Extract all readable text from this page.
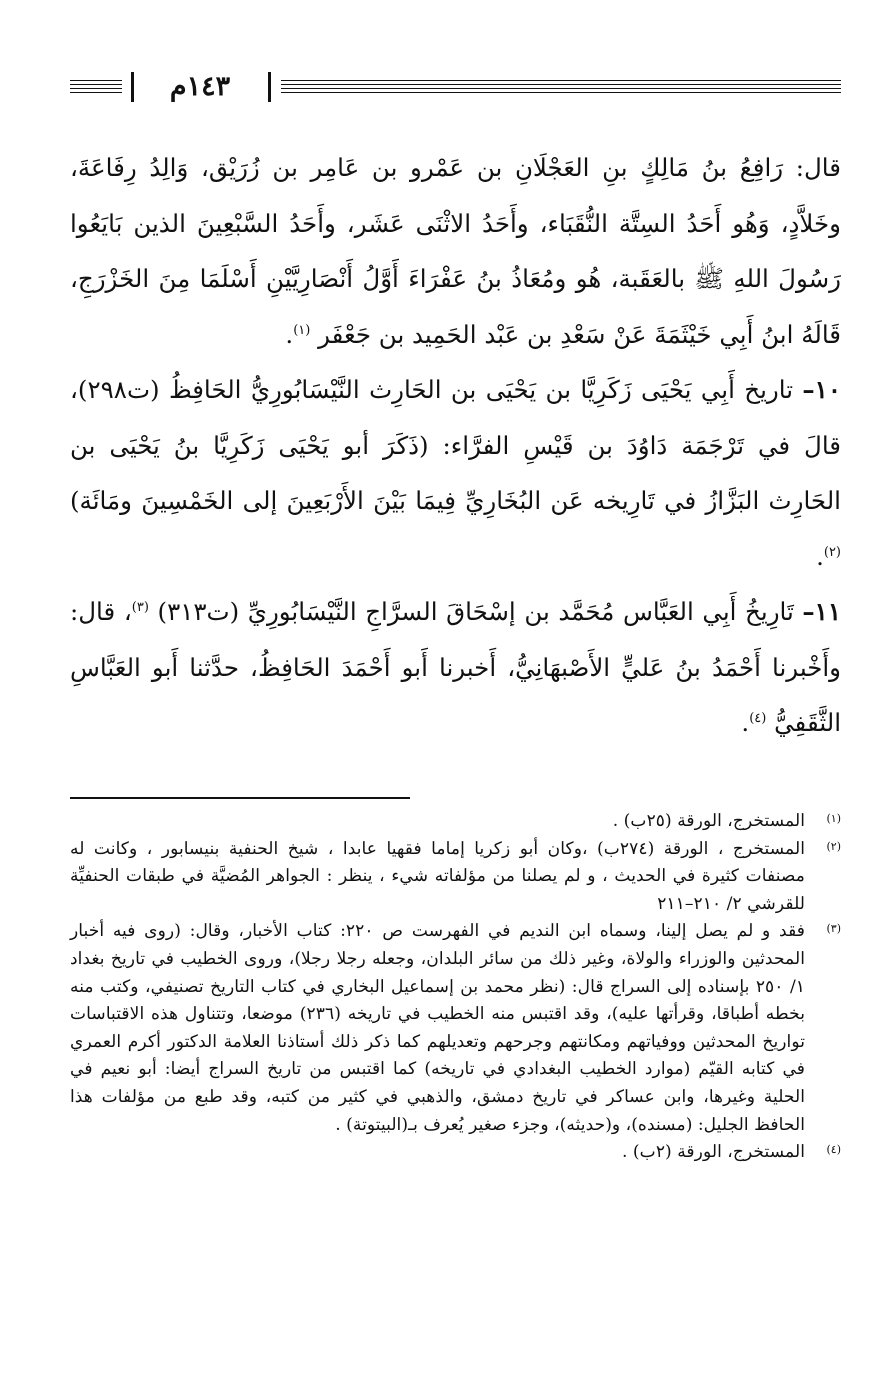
١٤٣م

قال: رَافِعُ بنُ مَالِكٍ بنِ العَجْلَانِ بن عَمْرو بن عَامِر بن زُرَيْق، وَالِدُ رِفَاعَةَ، وخَلاَّدٍ، وَهُو أَحَدُ السِتَّة النُّقَبَاء، وأَحَدُ الاثْنَى عَشَر، وأَحَدُ السَّبْعِينَ الذين بَايَعُوا رَسُولَ اللهِ ﷺ بالعَقَبة، هُو ومُعَاذُ بنُ عَفْرَاءَ أَوَّلُ أَنْصَارِيَّيْنِ أَسْلَمَا مِنَ الخَزْرَجِ، قَالَهُ ابنُ أَبِي خَيْثَمَةَ عَنْ سَعْدِ بن عَبْد الحَمِيد بن جَعْفَر $^{(١)}$.

١٠– تاريخ أَبِي يَحْيَى زَكَرِيَّا بن يَحْيَى بن الحَارِث النَّيْسَابُورِيُّ الحَافِظُ (ت٢٩٨)، قالَ في تَرْجَمَة دَاوُدَ بن قَيْسِ الفرَّاء: (ذَكَرَ أبو يَحْيَى زَكَرِيَّا بنُ يَحْيَى بن الحَارِث البَزَّازُ في تَارِيخه عَن البُخَارِيِّ فِيمَا بَيْنَ الأَرْبَعِينَ إلى الخَمْسِينَ ومَائَة) $^{(٢)}$.

١١– تَارِيخُ أَبِي العَبَّاس مُحَمَّد بن إسْحَاقَ السرَّاجِ النَّيْسَابُورِيِّ (ت٣١٣) $^{(٣)}$، قال: وأَخْبرنا أَحْمَدُ بنُ عَليٍّ الأَصْبهَانِيُّ، أَخبرنا أَبو أَحْمَدَ الحَافِظُ، حدَّثنا أَبو العَبَّاسِ الثَّقَفِيُّ $^{(٤)}$.

(١)
المستخرج، الورقة (٢٥ب) .

(٢)
المستخرج ، الورقة (٢٧٤ب) ،وكان أبو زكريا إماما فقهيا عابدا ، شيخ الحنفية بنيسابور ، وكانت له مصنفات كثيرة في الحديث ، و لم يصلنا من مؤلفاته شيء ، ينظر : الجواهر المُضيَّة في طبقات الحنفيِّة للقرشي ٢/ ٢١٠–٢١١

(٣)
فقد و لم يصل إلينا، وسماه ابن النديم في الفهرست ص ٢٢٠: كتاب الأخبار، وقال: (روى فيه أخبار المحدثين والوزراء والولاة، وغير ذلك من سائر البلدان، وجعله رجلا رجلا)، وروى الخطيب في تاريخ بغداد ١/ ٢٥٠ بإسناده إلى السراج قال: (نظر محمد بن إسماعيل البخاري في كتاب التاريخ تصنيفي، وكتب منه بخطه أطباقا، وقرأتها عليه)، وقد اقتبس منه الخطيب في تاريخه (٢٣٦) موضعا، وتتناول هذه الاقتباسات تواريخ المحدثين ووفياتهم ومكانتهم وجرحهم وتعديلهم كما ذكر ذلك أستاذنا العلامة الدكتور أكرم العمري في كتابه القيّم (موارد الخطيب البغدادي في تاريخه) كما اقتبس من تاريخ السراج أيضا: أبو نعيم في الحلية وغيرها، وابن عساكر في تاريخ دمشق، والذهبي في كثير من كتبه، وقد طبع من مؤلفات هذا الحافظ الجليل: (مسنده)، و(حديثه)، وجزء صغير يُعرف بـ(البيتوتة) .

(٤)
المستخرج، الورقة (٢ب) .
